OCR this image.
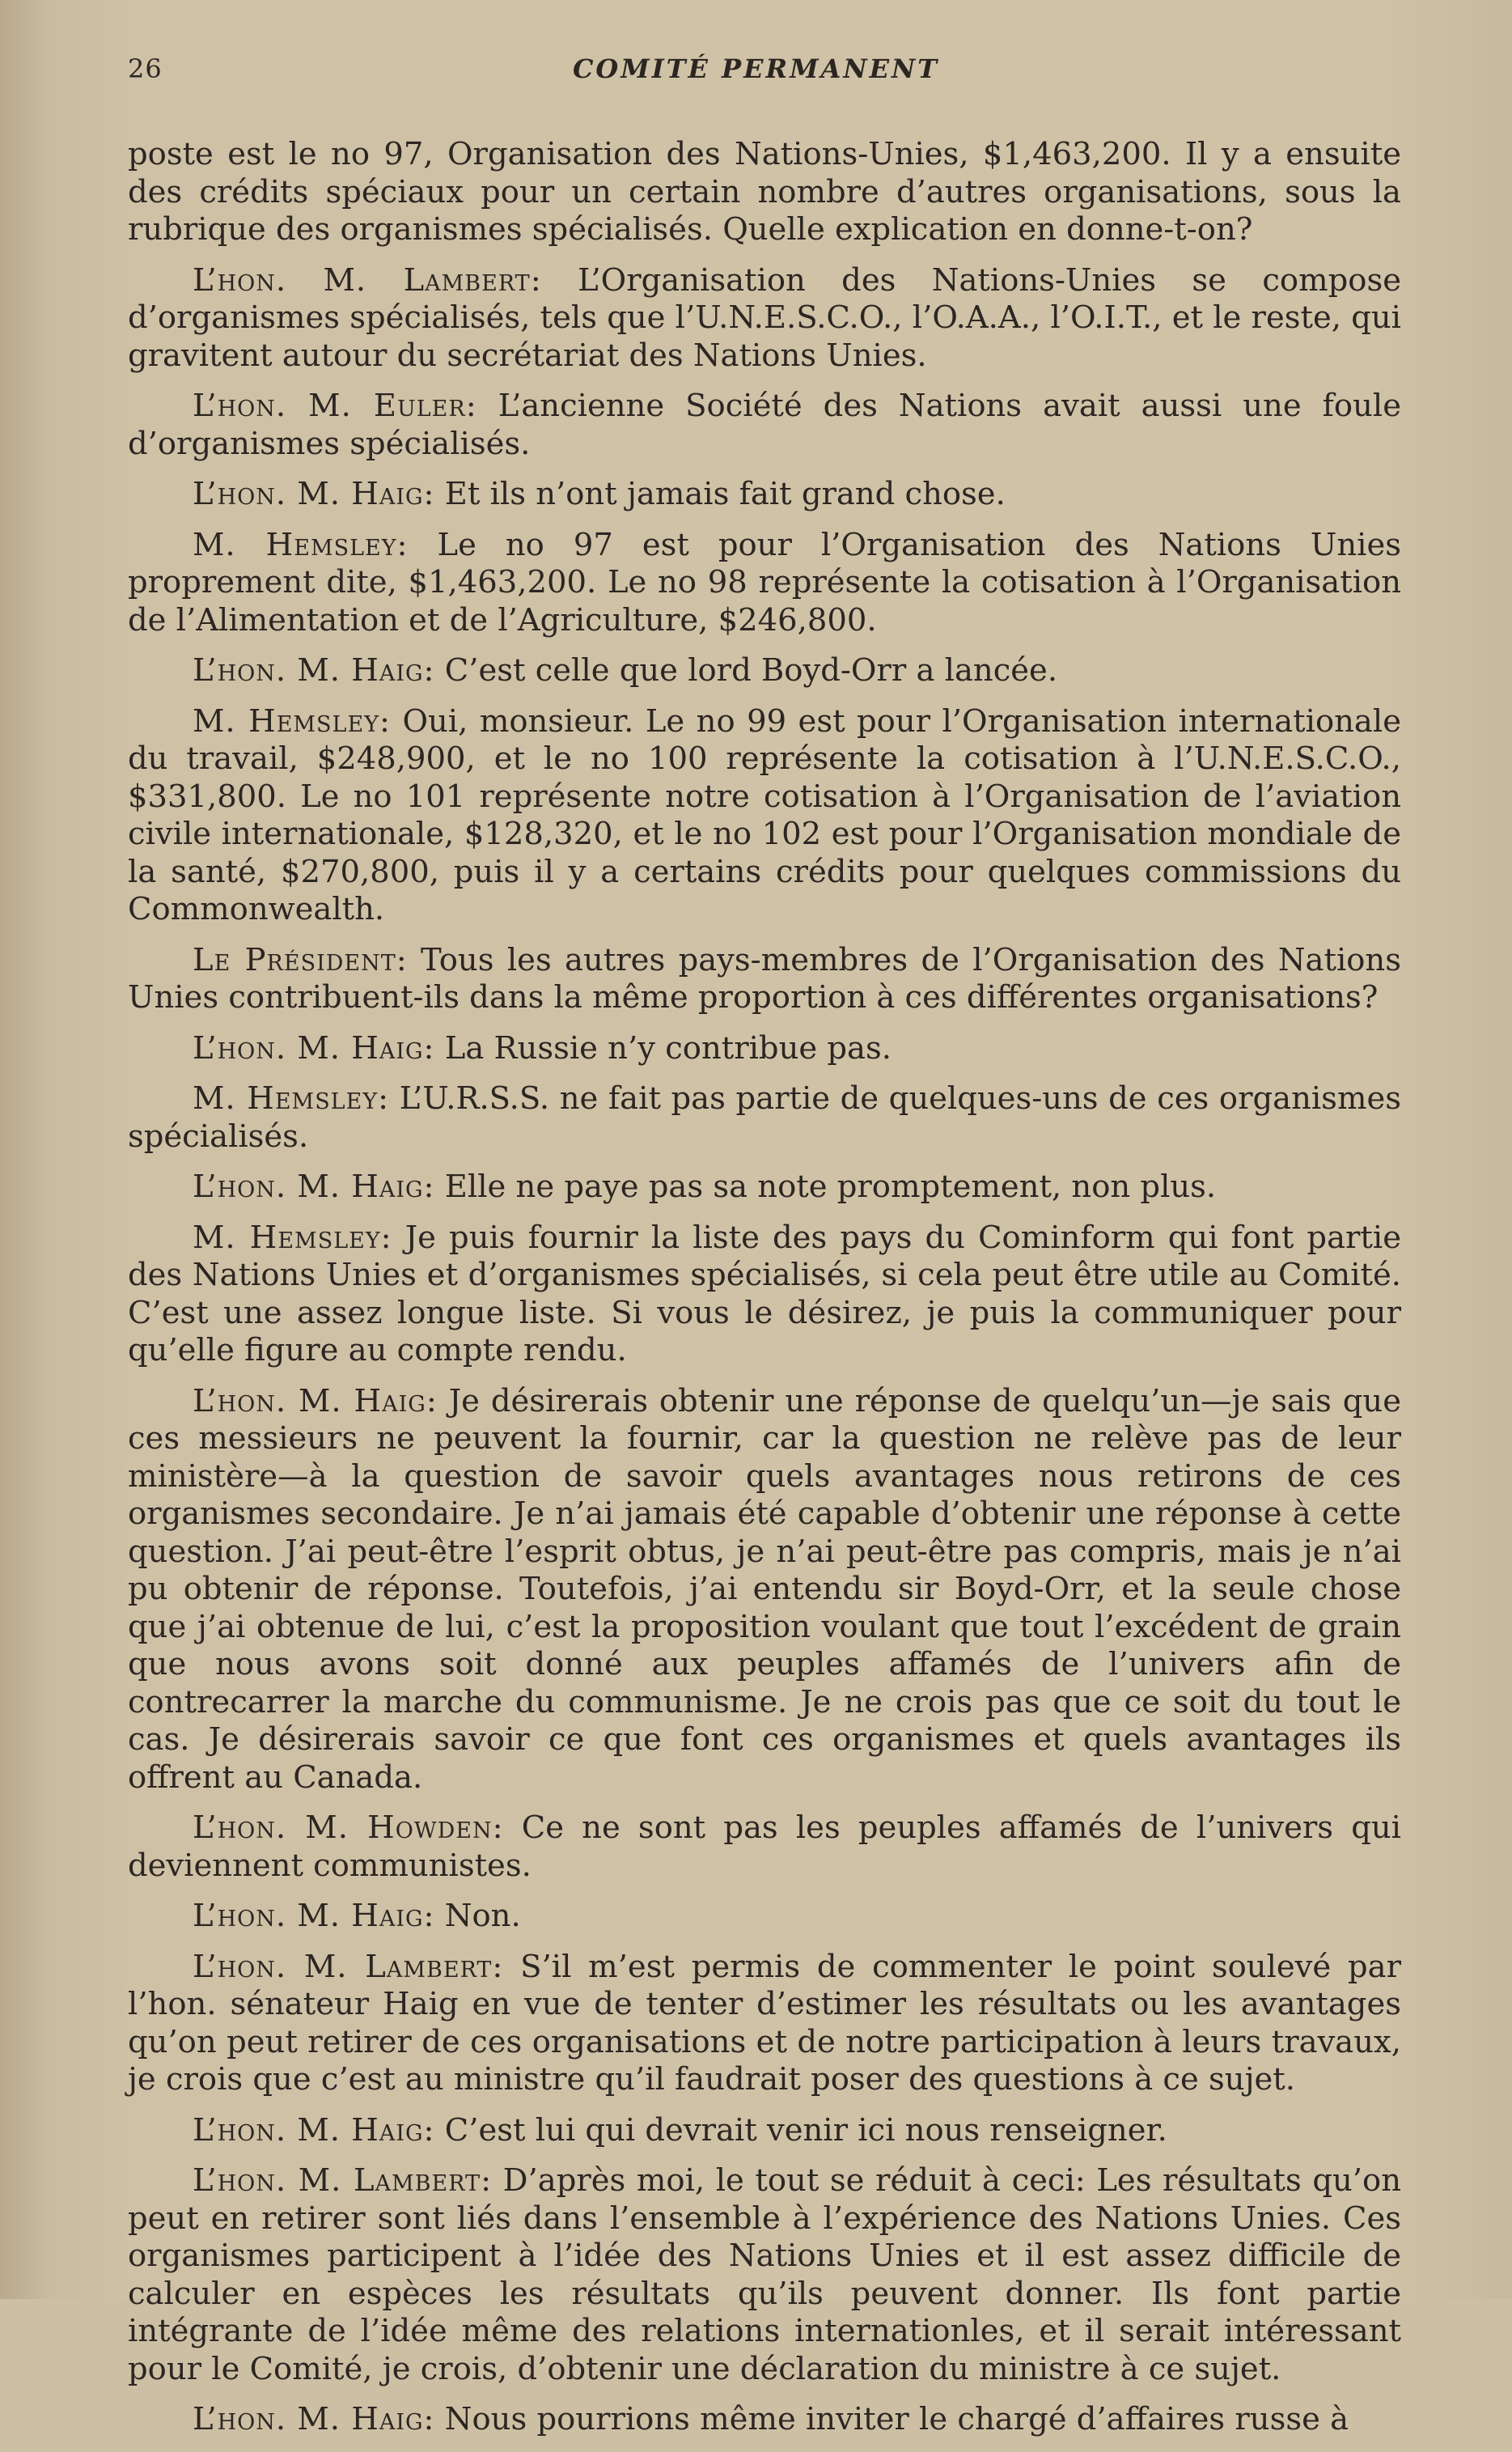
26	COMITÉ PERMANENT

poste est le no 97, Organisation des Nations-Unies, $1,463,200. Il y a ensuite des crédits spéciaux pour un certain nombre d’autres organisations, sous la rubrique des organismes spécialisés. Quelle explication en donne-t-on?

L’hon. M. Lambert: L’Organisation des Nations-Unies se compose d’organismes spécialisés, tels que l’U.N.E.S.C.O., l’O.A.A., l’O.I.T., et le reste, qui gravitent autour du secrétariat des Nations Unies.

L’hon. M. Euler: L’ancienne Société des Nations avait aussi une foule d’organismes spécialisés.

L’hon. M. Haig: Et ils n’ont jamais fait grand chose.

M. Hemsley: Le no 97 est pour l’Organisation des Nations Unies proprement dite, $1,463,200. Le no 98 représente la cotisation à l’Organisation de l’Alimentation et de l’Agriculture, $246,800.

L’hon. M. Haig: C’est celle que lord Boyd-Orr a lancée.

M. Hemsley: Oui, monsieur. Le no 99 est pour l’Organisation internationale du travail, $248,900, et le no 100 représente la cotisation à l’U.N.E.S.C.O., $331,800. Le no 101 représente notre cotisation à l’Organisation de l’aviation civile internationale, $128,320, et le no 102 est pour l’Organisation mondiale de la santé, $270,800, puis il y a certains crédits pour quelques commissions du Commonwealth.

Le Président: Tous les autres pays-membres de l’Organisation des Nations Unies contribuent-ils dans la même proportion à ces différentes organisations?

L’hon. M. Haig: La Russie n’y contribue pas.

M. Hemsley: L’U.R.S.S. ne fait pas partie de quelques-uns de ces organismes spécialisés.

L’hon. M. Haig: Elle ne paye pas sa note promptement, non plus.

M. Hemsley: Je puis fournir la liste des pays du Cominform qui font partie des Nations Unies et d’organismes spécialisés, si cela peut être utile au Comité. C’est une assez longue liste. Si vous le désirez, je puis la communiquer pour qu’elle figure au compte rendu.

L’hon. M. Haig: Je désirerais obtenir une réponse de quelqu’un—je sais que ces messieurs ne peuvent la fournir, car la question ne relève pas de leur ministère—à la question de savoir quels avantages nous retirons de ces organismes secondaire. Je n’ai jamais été capable d’obtenir une réponse à cette question. J’ai peut-être l’esprit obtus, je n’ai peut-être pas compris, mais je n’ai pu obtenir de réponse. Toutefois, j’ai entendu sir Boyd-Orr, et la seule chose que j’ai obtenue de lui, c’est la proposition voulant que tout l’excédent de grain que nous avons soit donné aux peuples affamés de l’univers afin de contrecarrer la marche du communisme. Je ne crois pas que ce soit du tout le cas. Je désirerais savoir ce que font ces organismes et quels avantages ils offrent au Canada.

L’hon. M. Howden: Ce ne sont pas les peuples affamés de l’univers qui deviennent communistes.

L’hon. M. Haig: Non.

L’hon. M. Lambert: S’il m’est permis de commenter le point soulevé par l’hon. sénateur Haig en vue de tenter d’estimer les résultats ou les avantages qu’on peut retirer de ces organisations et de notre participation à leurs travaux, je crois que c’est au ministre qu’il faudrait poser des questions à ce sujet.

L’hon. M. Haig: C’est lui qui devrait venir ici nous renseigner.

L’hon. M. Lambert: D’après moi, le tout se réduit à ceci: Les résultats qu’on peut en retirer sont liés dans l’ensemble à l’expérience des Nations Unies. Ces organismes participent à l’idée des Nations Unies et il est assez difficile de calculer en espèces les résultats qu’ils peuvent donner. Ils font partie intégrante de l’idée même des relations internationles, et il serait intéressant pour le Comité, je crois, d’obtenir une déclaration du ministre à ce sujet.

L’hon. M. Haig: Nous pourrions même inviter le chargé d’affaires russe à
